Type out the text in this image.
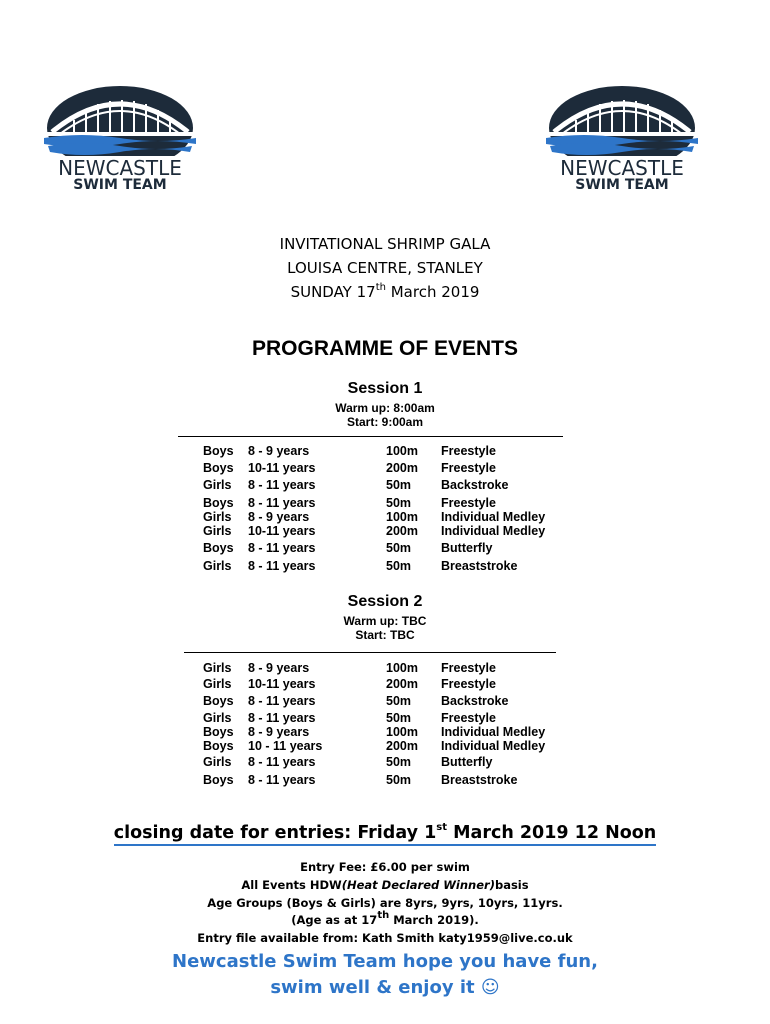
NEWCASTLE
SWIM TEAM
NEWCASTLE
SWIM TEAM
INVITATIONAL SHRIMP GALA
LOUISA CENTRE, STANLEY
SUNDAY 17th March 2019
PROGRAMME OF EVENTS
Session 1
Warm up: 8:00am
Start: 9:00am
Boys 8 - 9 years	100m Freestyle
Boys 10-11 years	200m Freestyle
Girls 8 - 11 years	50m Backstroke
Boys 8 - 11 years	50m Freestyle
Girls 8 - 9 years	100m Individual Medley
Girls 10-11 years	200m Individual Medley
Boys 8 - 11 years	50m Butterfly
Girls 8 - 11 years	50m Breaststroke
Session 2
Warm up: TBC
Start: TBC
Girls 8 - 9 years	100m Freestyle
Girls 10-11 years	200m Freestyle
Boys 8 - 11 years	50m Backstroke
Girls 8 - 11 years	50m Freestyle
Boys 8 - 9 years	100m Individual Medley
Boys 10 - 11 years	200m Individual Medley
Girls 8 - 11 years	50m Butterfly
Boys 8 - 11 years	50m Breaststroke
closing date for entries: Friday 1st March 2019 12 Noon
Entry Fee: £6.00 per swim
All Events HDW(Heat Declared Winner)basis
Age Groups (Boys & Girls) are 8yrs, 9yrs, 10yrs, 11yrs.
(Age as at 17th March 2019).
Entry file available from: Kath Smith katy1959@live.co.uk
Newcastle Swim Team hope you have fun,
swim well & enjoy it ☺
